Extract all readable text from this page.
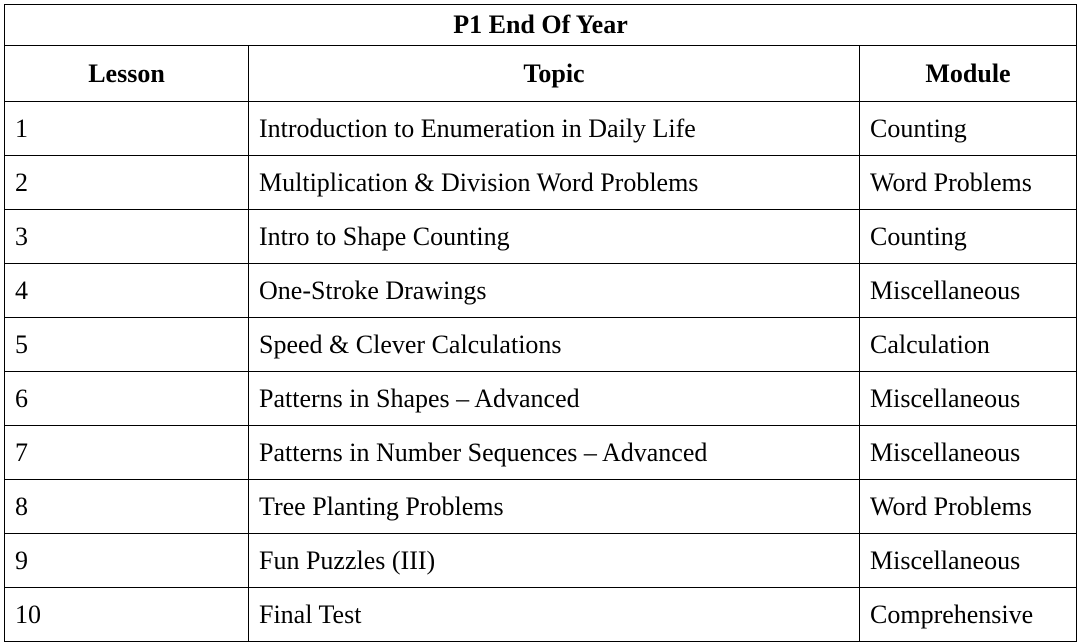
P1 End Of Year		
Lesson	Topic	Module
1	Introduction to Enumeration in Daily Life	Counting
2	Multiplication & Division Word Problems	Word Problems
3	Intro to Shape Counting	Counting
4	One-Stroke Drawings	Miscellaneous
5	Speed & Clever Calculations	Calculation
6	Patterns in Shapes – Advanced	Miscellaneous
7	Patterns in Number Sequences – Advanced	Miscellaneous
8	Tree Planting Problems	Word Problems
9	Fun Puzzles (III)	Miscellaneous
10	Final Test	Comprehensive
